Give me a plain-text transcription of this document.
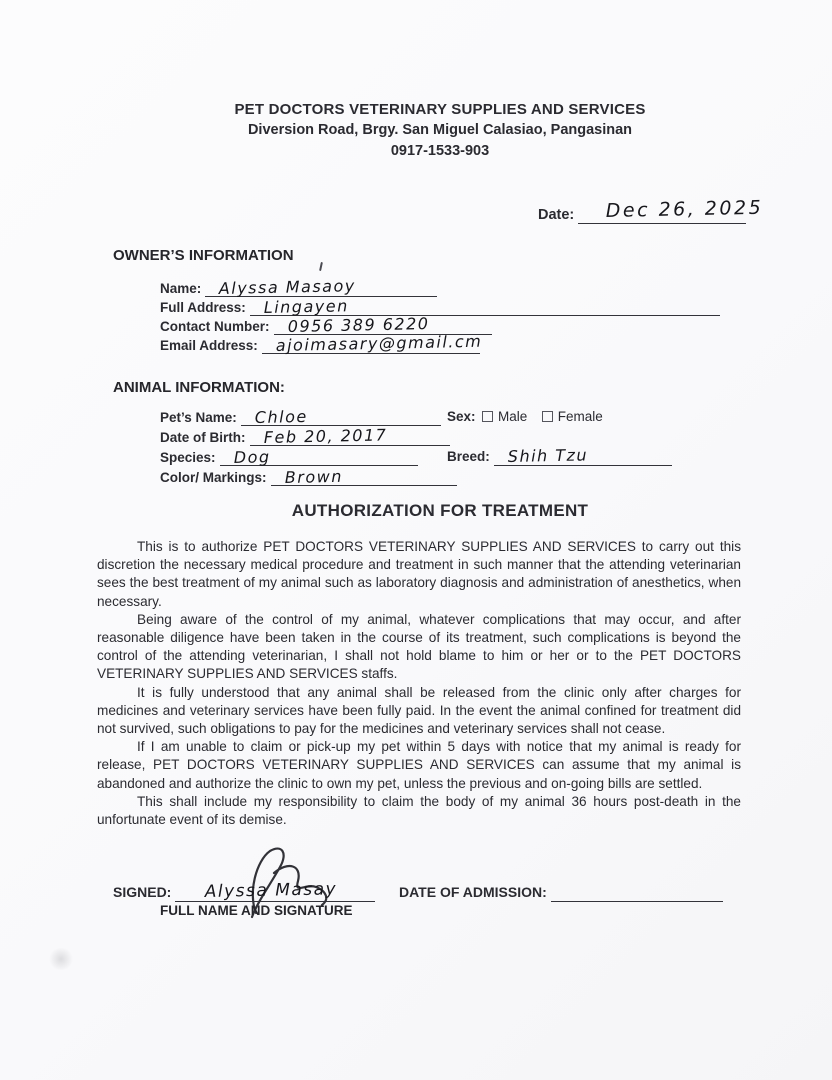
PET DOCTORS VETERINARY SUPPLIES AND SERVICES
Diversion Road, Brgy. San Miguel Calasiao, Pangasinan
0917-1533-903
Date: Dec 26, 2025
OWNER’S INFORMATION
Name: Alyssa Masaoy
Full Address: Lingayen
Contact Number: 0956 389 6220
Email Address: ajoimasary@gmail.cm
ANIMAL INFORMATION:
Pet’s Name: Chloe
Date of Birth: Feb 20, 2017
Species: Dog
Color/ Markings: Brown
Sex: Male Female
Breed: Shih Tzu
AUTHORIZATION FOR TREATMENT

This is to authorize PET DOCTORS VETERINARY SUPPLIES AND SERVICES to carry out this discretion the necessary medical procedure and treatment in such manner that the attending veterinarian sees the best treatment of my animal such as laboratory diagnosis and administration of anesthetics, when necessary.

Being aware of the control of my animal, whatever complications that may occur, and after reasonable diligence have been taken in the course of its treatment, such complications is beyond the control of the attending veterinarian, I shall not hold blame to him or her or to the PET DOCTORS VETERINARY SUPPLIES AND SERVICES staffs.

It is fully understood that any animal shall be released from the clinic only after charges for medicines and veterinary services have been fully paid. In the event the animal confined for treatment did not survived, such obligations to pay for the medicines and veterinary services shall not cease.

If I am unable to claim or pick-up my pet within 5 days with notice that my animal is ready for release, PET DOCTORS VETERINARY SUPPLIES AND SERVICES can assume that my animal is abandoned and authorize the clinic to own my pet, unless the previous and on-going bills are settled.

This shall include my responsibility to claim the body of my animal 36 hours post-death in the unfortunate event of its demise.

SIGNED: Alyssa Masay
FULL NAME AND SIGNATURE
DATE OF ADMISSION:
